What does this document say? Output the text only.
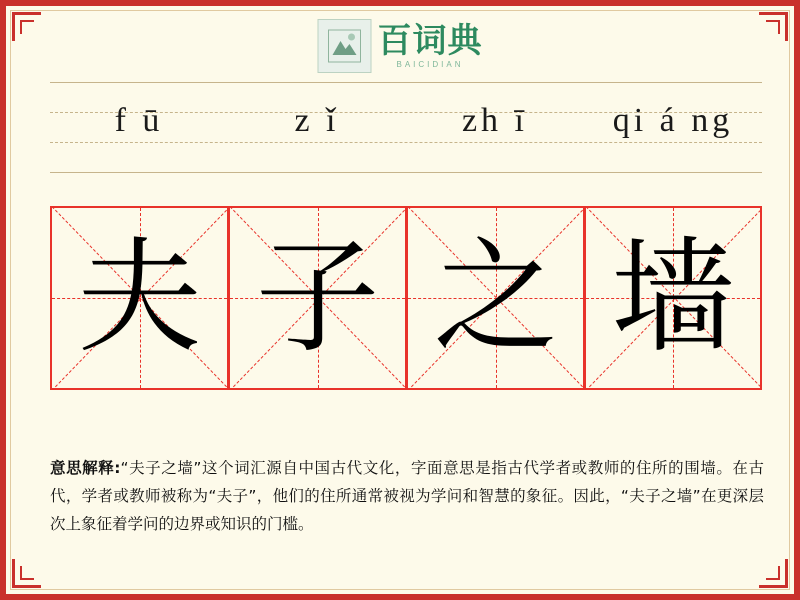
百词典
BAICIDIAN
f ū	z ǐ	zh ī	qi á ng
夫 子 之 墙
意思解释:“夫子之墙”这个词汇源自中国古代文化，字面意思是指古代学者或教师的住所的围墙。在古代，学者或教师被称为“夫子”，他们的住所通常被视为学问和智慧的象征。因此，“夫子之墙”在更深层次上象征着学问的边界或知识的门槛。
